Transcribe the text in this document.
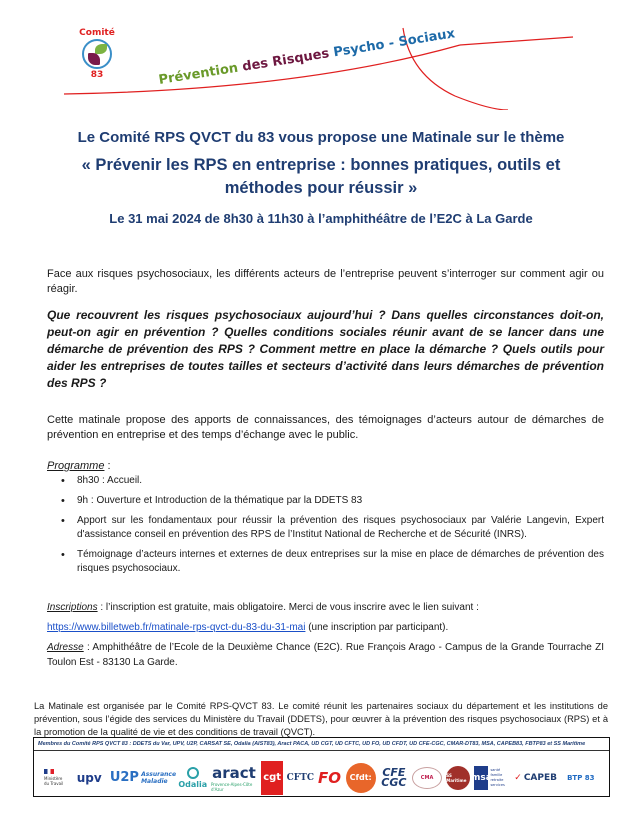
Comité
83	Prévention des Risques Psycho - Sociaux
Le Comité RPS QVCT du 83 vous propose une Matinale sur le thème
« Prévenir les RPS en entreprise : bonnes pratiques, outils et
méthodes pour réussir »
Le 31 mai 2024 de 8h30 à 11h30 à l’amphithéâtre de l’E2C à La Garde

Face aux risques psychosociaux, les différents acteurs de l’entreprise peuvent s’interroger sur comment agir ou réagir.

Que recouvrent les risques psychosociaux aujourd’hui ? Dans quelles circonstances doit-on, peut-on agir en prévention ? Quelles conditions sociales réunir avant de se lancer dans une démarche de prévention des RPS ? Comment mettre en place la démarche ? Quels outils pour aider les entreprises de toutes tailles et secteurs d’activité dans leurs démarches de prévention des RPS ?

Cette matinale propose des apports de connaissances, des témoignages d’acteurs autour de démarches de prévention en entreprise et des temps d’échange avec le public.

Programme :

• 8h30 : Accueil.
• 9h : Ouverture et Introduction de la thématique par la DDETS 83
• Apport sur les fondamentaux pour réussir la prévention des risques psychosociaux par Valérie Langevin, Expert d'assistance conseil en prévention des RPS de l’Institut National de Recherche et de Sécurité (INRS).
• Témoignage d’acteurs internes et externes de deux entreprises sur la mise en place de démarches de prévention des risques psychosociaux.

Inscriptions : l’inscription est gratuite, mais obligatoire. Merci de vous inscrire avec le lien suivant :

https://www.billetweb.fr/matinale-rps-qvct-du-83-du-31-mai (une inscription par participant).

Adresse : Amphithéâtre de l’Ecole de la Deuxième Chance (E2C). Rue François Arago - Campus de la Grande Tourrache ZI Toulon Est - 83130 La Garde.

La Matinale est organisée par le Comité RPS-QVCT 83. Le comité réunit les partenaires sociaux du département et les institutions de prévention, sous l’égide des services du Ministère du Travail (DDETS), pour œuvrer à la prévention des risques psychosociaux (RPS) et à la promotion de la qualité de vie et des conditions de travail (QVCT).

Membres du Comité RPS QVCT 83 : DDETS du Var, UPV, U2P, CARSAT SE, Odalia (AIST83), Aract PACA, UD CGT, UD CFTC, UD FO, UD CFDT, UD CFE-CGC, CMAR-DT83, MSA, CAPEB83, FBTP83 et SS Maritime
Ministère du Travail	upv U2P Assurance Maladie	Odalia
aract
Provence-Alpes-Côte d'Azur
cgt CFTC FO	Cfdt: CFE
CGC	CMA	SS Maritime msa
santé famille retraite services
✓ CAPEB	BTP 83
